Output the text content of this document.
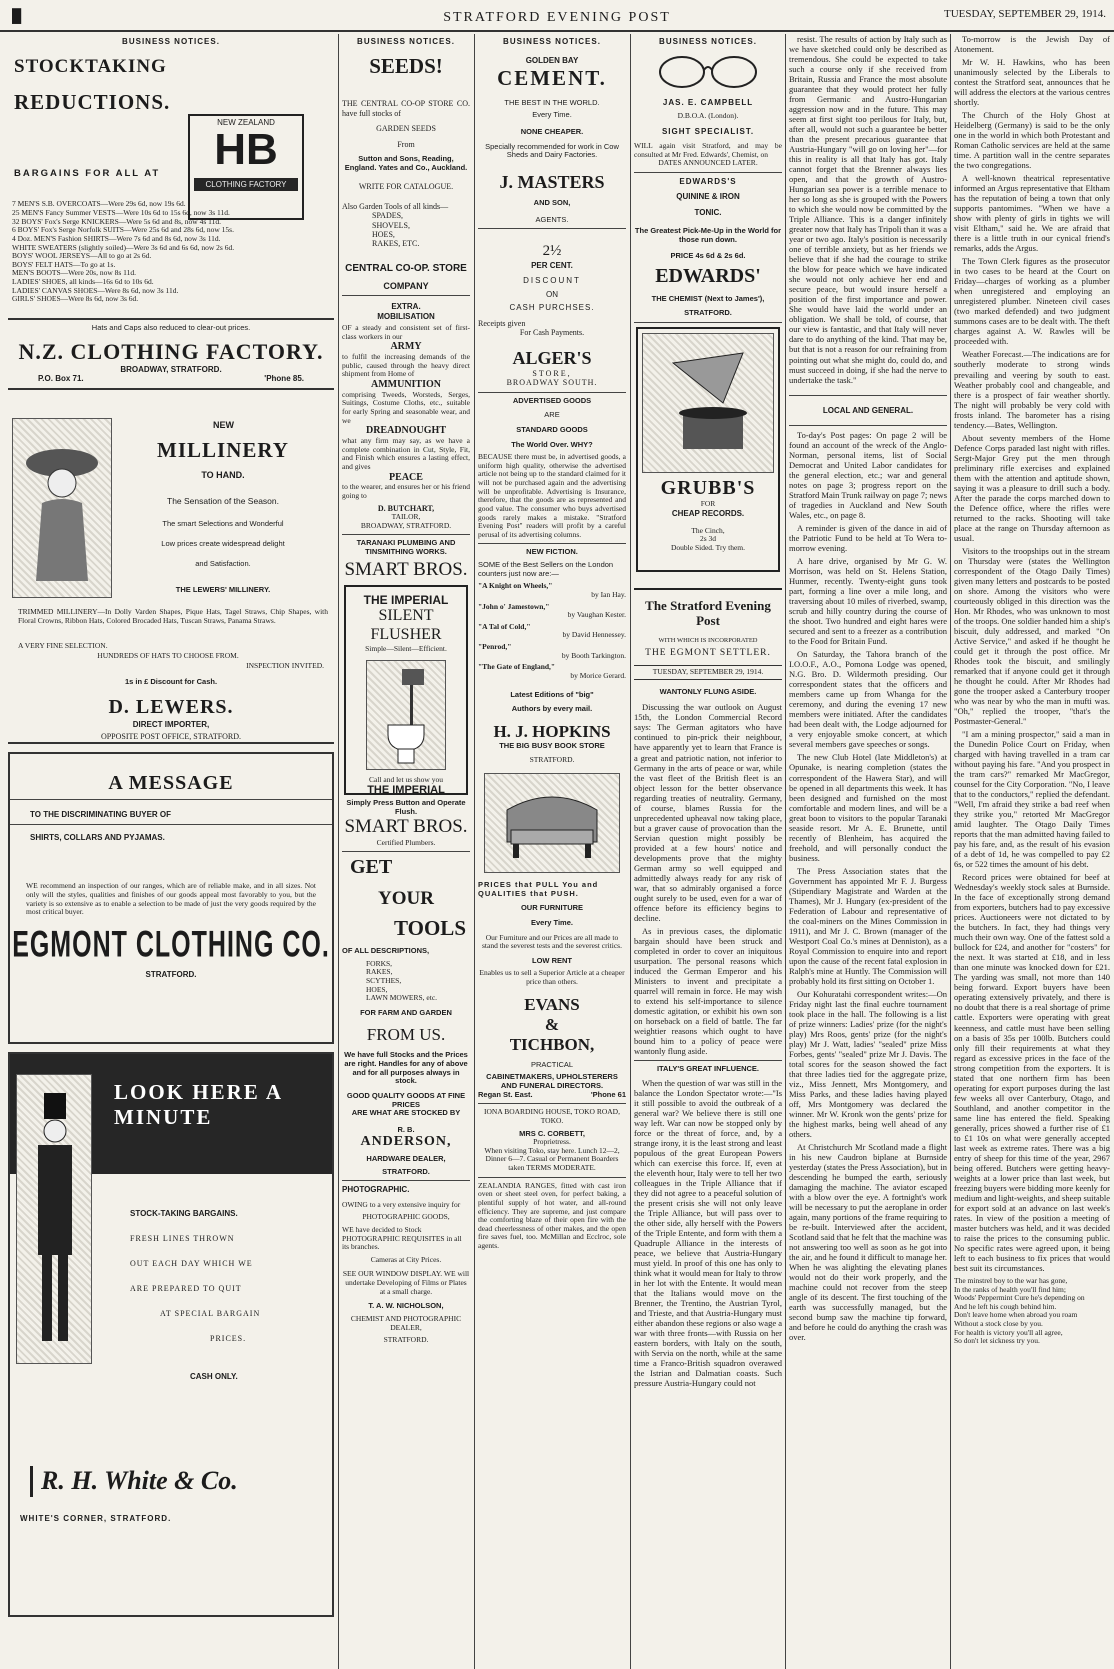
█	STRATFORD EVENING POST	TUESDAY, SEPTEMBER 29, 1914.
BUSINESS NOTICES.
STOCKTAKING
REDUCTIONS.
NEW ZEALAND
HB
CLOTHING FACTORY
BARGAINS FOR ALL AT
7 MEN'S S.B. OVERCOATS—Were 29s 6d, now 19s 6d.
25 MEN'S Fancy Summer VESTS—Were 10s 6d to 15s 6d, now 3s 11d.
32 BOYS' Fox's Serge KNICKERS—Were 5s 6d and 8s, now 4s 11d.
6 BOYS' Fox's Serge Norfolk SUITS—Were 25s 6d and 28s 6d, now 15s.
4 Doz. MEN'S Fashion SHIRTS—Were 7s 6d and 8s 6d, now 3s 11d.
WHITE SWEATERS (slightly soiled)—Were 3s 6d and 6s 6d, now 2s 6d.
BOYS' WOOL JERSEYS—All to go at 2s 6d.
BOYS' FELT HATS—To go at 1s.
MEN'S BOOTS—Were 20s, now 8s 11d.
LADIES' SHOES, all kinds—16s 6d to 10s 6d.
LADIES' CANVAS SHOES—Were 8s 6d, now 3s 11d.
GIRLS' SHOES—Were 8s 6d, now 3s 6d.
Hats and Caps also reduced to clear-out prices.
N.Z. CLOTHING FACTORY.
BROADWAY, STRATFORD.
P.O. Box 71.	'Phone 85.
NEW
MILLINERY
TO HAND.
The Sensation of the Season.
The smart Selections and Wonderful
Low prices create widespread delight
and Satisfaction.
THE LEWERS' MILLINERY.
TRIMMED MILLINERY—In Dolly Varden Shapes, Pique Hats, Tagel Straws, Chip Shapes, with Floral Crowns, Ribbon Hats, Colored Brocaded Hats, Tuscan Straws, Panama Straws.
A VERY FINE SELECTION.
HUNDREDS OF HATS TO CHOOSE FROM.
INSPECTION INVITED.
1s in £ Discount for Cash.
D. LEWERS.
DIRECT IMPORTER,
OPPOSITE POST OFFICE, STRATFORD.
A MESSAGE
TO THE DISCRIMINATING BUYER OF
SHIRTS, COLLARS AND PYJAMAS.
WE recommend an inspection of our ranges, which are of reliable make, and in all sizes. Not only will the styles, qualities and finishes of our goods appeal most favorably to you, but the variety is so extensive as to enable a selection to be made of just the very goods required by the most critical buyer.
EGMONT CLOTHING CO.
STRATFORD.
LOOK HERE A MINUTE
STOCK-TAKING BARGAINS.
FRESH LINES THROWN
OUT EACH DAY WHICH WE
ARE PREPARED TO QUIT
AT SPECIAL BARGAIN
PRICES.
CASH ONLY.
R. H. White & Co.
WHITE'S CORNER, STRATFORD.
BUSINESS NOTICES.
SEEDS!
THE CENTRAL CO-OP STORE CO. have full stocks of
GARDEN SEEDS
From
Sutton and Sons, Reading, England. Yates and Co., Auckland.
WRITE FOR CATALOGUE.
Also Garden Tools of all kinds—
SPADES,
SHOVELS,
HOES,
RAKES, ETC.
CENTRAL CO-OP. STORE
COMPANY
EXTRA.
MOBILISATION
OF a steady and consistent set of first-class workers in our
ARMY
to fulfil the increasing demands of the public, caused through the heavy direct shipment from Home of
AMMUNITION
comprising Tweeds, Worsteds, Serges, Suitings, Costume Cloths, etc., suitable for early Spring and seasonable wear, and we
DREADNOUGHT
what any firm may say, as we have a complete combination in Cut, Style, Fit, and Finish which ensures a lasting effect, and gives
PEACE
to the wearer, and ensures her or his friend going to
D. BUTCHART,
TAILOR,
BROADWAY, STRATFORD.
TARANAKI PLUMBING AND TINSMITHING WORKS.
SMART BROS.
THE IMPERIAL
SILENT FLUSHER
Simple—Silent—Efficient.
Call and let us show you
THE IMPERIAL
Simply Press Button and Operate Flush.
SMART BROS.
Certified Plumbers.
GET
YOUR
TOOLS
OF ALL DESCRIPTIONS,
FORKS,
RAKES,
SCYTHES,
HOES,
LAWN MOWERS, etc.
FOR FARM AND GARDEN
FROM US.
We have full Stocks and the Prices are right. Handles for any of above and for all purposes always in stock.
GOOD QUALITY GOODS AT FINE PRICES
ARE WHAT ARE STOCKED BY
R. B.
ANDERSON,
HARDWARE DEALER,
STRATFORD.
PHOTOGRAPHIC.
OWING to a very extensive inquiry for
PHOTOGRAPHIC GOODS,
WE have decided to Stock PHOTOGRAPHIC REQUISITES in all its branches.
Cameras at City Prices.
SEE OUR WINDOW DISPLAY. WE will undertake Developing of Films or Plates at a small charge.
T. A. W. NICHOLSON,
CHEMIST AND PHOTOGRAPHIC DEALER,
STRATFORD.
BUSINESS NOTICES.
GOLDEN BAY
CEMENT.
THE BEST IN THE WORLD.
Every Time.
NONE CHEAPER.
Specially recommended for work in Cow Sheds and Dairy Factories.
J. MASTERS
AND SON,
AGENTS.
2½
PER CENT.
DISCOUNT
ON
CASH PURCHSES.
Receipts given
For Cash Payments.
ALGER'S
STORE,
BROADWAY SOUTH.
ADVERTISED GOODS
ARE
STANDARD GOODS
The World Over. WHY?
BECAUSE there must be, in advertised goods, a uniform high quality, otherwise the advertised article not being up to the standard claimed for it will not be purchased again and the advertising will be unprofitable. Advertising is Insurance, therefore, that the goods are as represented and good value. The consumer who buys advertised goods rarely makes a mistake. "Stratford Evening Post" readers will profit by a careful perusal of its advertising columns.
NEW FICTION.
SOME of the Best Sellers on the London counters just now are:—
"A Knight on Wheels,"
by Ian Hay.
"John o' Jamestown,"
by Vaughan Kester.
"A Tal of Cold,"
by David Hennessey.
"Penrod,"
by Booth Tarkington.
"The Gate of England,"
by Morice Gerard.
Latest Editions of "big"
Authors by every mail.
H. J. HOPKINS
THE BIG BUSY BOOK STORE
STRATFORD.
PRICES that PULL You and QUALITIES that PUSH.
OUR FURNITURE
Every Time.
Our Furniture and our Prices are all made to stand the severest tests and the severest critics.
LOW RENT
Enables us to sell a Superior Article at a cheaper price than others.
EVANS
&
TICHBON,
PRACTICAL
CABINETMAKERS, UPHOLSTERERS AND FUNERAL DIRECTORS.
Regan St. East.	'Phone 61
IONA BOARDING HOUSE, TOKO ROAD, TOKO.
MRS C. CORBETT,
Proprietress.
When visiting Toko, stay here. Lunch 12—2, Dinner 6—7. Casual or Permanent Boarders taken TERMS MODERATE.
ZEALANDIA RANGES, fitted with cast iron oven or sheet steel oven, for perfect baking, a plentiful supply of hot water, and all-round efficiency. They are supreme, and just compare the comforting blaze of their open fire with the dead cheerlessness of other makes, and the open fire saves fuel, too. McMillan and Ecclroc, sole agents.
BUSINESS NOTICES.
JAS. E. CAMPBELL
D.B.O.A. (London).
SIGHT SPECIALIST.
WILL again visit Stratford, and may be consulted at Mr Fred. Edwards', Chemist, on
DATES ANNOUNCED LATER.
EDWARDS'S
QUININE & IRON
TONIC.
The Greatest Pick-Me-Up in the World for those run down.
PRICE 4s 6d & 2s 6d.
EDWARDS'
THE CHEMIST (Next to James'),
STRATFORD.
GRUBB'S
FOR
CHEAP RECORDS.
The Cinch,
2s 3d
Double Sided. Try them.
The Stratford Evening Post
WITH WHICH IS INCORPORATED
THE EGMONT SETTLER.
TUESDAY, SEPTEMBER 29, 1914.
WANTONLY FLUNG ASIDE.

Discussing the war outlook on August 15th, the London Commercial Record says: The German agitators who have continued to pin-prick their neighbour, have apparently yet to learn that France is a great and patriotic nation, not inferior to Germany in the arts of peace or war, while the vast fleet of the British fleet is an object lesson for the better observance regarding treaties of neutrality. Germany, of course, blames Russia for the unprecedented upheaval now taking place, but a graver cause of provocation than the Servian question might possibly be provided at a few hours' notice and developments prove that the mighty German army so well equipped and admittedly always ready for any risk of war, that so admirably organised a force ought surely to be used, even for a war of offence before its efficiency begins to decline.

As in previous cases, the diplomatic bargain should have been struck and completed in order to cover an iniquitous usurpation. The personal reasons which induced the German Emperor and his Ministers to invent and precipitate a quarrel will remain in force. He may wish to extend his self-importance to silence domestic agitation, or exhibit his own son on horseback on a field of battle. The far weightier reasons which ought to have bound him to a policy of peace were wantonly flung aside.

ITALY'S GREAT INFLUENCE.

When the question of war was still in the balance the London Spectator wrote:—"Is it still possible to avoid the outbreak of a general war? We believe there is still one way left. War can now be stopped only by force or the threat of force, and, by a strange irony, it is the least strong and least populous of the great European Powers which can exercise this force. If, even at the eleventh hour, Italy were to tell her two colleagues in the Triple Alliance that if they did not agree to a peaceful solution of the present crisis she will not only leave the Triple Alliance, but will pass over to the other side, ally herself with the Powers of the Triple Entente, and form with them a Quadruple Alliance in the interests of peace, we believe that Austria-Hungary must yield. In proof of this one has only to think what it would mean for Italy to throw in her lot with the Entente. It would mean that the Italians would move on the Brenner, the Trentino, the Austrian Tyrol, and Trieste, and that Austria-Hungary must either abandon these regions or also wage a war with three fronts—with Russia on her eastern borders, with Italy on the south, with Servia on the north, while at the same time a Franco-British squadron overawed the Istrian and Dalmatian coasts. Such pressure Austria-Hungary could not

resist. The results of action by Italy such as we have sketched could only be described as tremendous. She could be expected to take such a course only if she received from Britain, Russia and France the most absolute guarantee that they would protect her fully from Germanic and Austro-Hungarian aggression now and in the future. This may seem at first sight too perilous for Italy, but, after all, would not such a guarantee be better than the present precarious guarantee that Austria-Hungary "will go on loving her"—for this in reality is all that Italy has got. Italy cannot forget that the Brenner always lies open, and that the growth of Austro-Hungarian sea power is a terrible menace to her so long as she is grouped with the Powers to which she would now be committed by the Triple Alliance. This is a danger infinitely greater now that Italy has Tripoli than it was a year or two ago. Italy's position is necessarily one of terrible anxiety, but as her friends we believe that if she had the courage to strike the blow for peace which we have indicated she would not only achieve her end and secure peace, but would insure herself a position of the first importance and power. She would have laid the world under an obligation. We shall be told, of course, that our view is fantastic, and that Italy will never dare to do anything of the kind. That may be, but that is not a reason for our refraining from pointing out what she might do, could do, and must succeed in doing, if she had the nerve to undertake the task."

LOCAL AND GENERAL.

To-day's Post pages: On page 2 will be found an account of the wreck of the Anglo-Norman, personal items, list of Social Democrat and United Labor candidates for the general election, etc.; war and general notes on page 3; progress report on the Stratford Main Trunk railway on page 7; news of tragedies in Auckland and New South Wales, etc., on page 8.

A reminder is given of the dance in aid of the Patriotic Fund to be held at To Wera to-morrow evening.

A hare drive, organised by Mr G. W. Morrison, was held on St. Helens Station, Hunmer, recently. Twenty-eight guns took part, forming a line over a mile long, and traversing about 10 miles of riverbed, swamp, scrub and hilly country during the course of the shoot. Two hundred and eight hares were secured and sent to a freezer as a contribution to the Food for Britain Fund.

On Saturday, the Tahora branch of the I.O.O.F., A.O., Pomona Lodge was opened, N.G. Bro. D. Wildermoth presiding. Our correspondent states that the officers and members came up from Whanga for the ceremony, and during the evening 17 new members were initiated. After the candidates had been dealt with, the Lodge adjourned for a very enjoyable smoke concert, at which several members gave speeches or songs.

The new Club Hotel (late Middleton's) at Opunake, is nearing completion (states the correspondent of the Hawera Star), and will be opened in all departments this week. It has been designed and furnished on the most comfortable and modern lines, and will be a great boon to visitors to the popular Taranaki seaside resort. Mr A. E. Brunette, until recently of Blenheim, has acquired the freehold, and will personally conduct the business.

The Press Association states that the Government has appointed Mr F. J. Burgess (Stipendiary Magistrate and Warden at the Thames), Mr J. Hungary (ex-president of the Federation of Labour and representative of the coal-miners on the Mines Commission in 1911), and Mr J. C. Brown (manager of the Westport Coal Co.'s mines at Denniston), as a Royal Commission to enquire into and report upon the cause of the recent fatal explosion in Ralph's mine at Huntly. The Commission will probably hold its first sitting on October 1.

Our Kohuratahi correspondent writes:—On Friday night last the final euchre tournament took place in the hall. The following is a list of prize winners: Ladies' prize (for the night's play) Mrs Roos, gents' prize (for the night's play) Mr J. Watt, ladies' "sealed" prize Miss Forbes, gents' "sealed" prize Mr J. Davis. The total scores for the season showed the fact that three ladies tied for the aggregate prize, viz., Miss Jennett, Mrs Montgomery, and Miss Parks, and these ladies having played off, Mrs Montgomery was declared the winner. Mr W. Kronk won the gents' prize for the highest marks, being well ahead of any others.

At Christchurch Mr Scotland made a flight in his new Caudron biplane at Burnside yesterday (states the Press Association), but in descending he bumped the earth, seriously damaging the machine. The aviator escaped with a blow over the eye. A fortnight's work will be necessary to put the aeroplane in order again, many portions of the frame requiring to be re-built. Interviewed after the accident, Scotland said that he felt that the machine was not answering too well as soon as he got into the air, and he found it difficult to manage her. When he was alighting the elevating planes would not do their work properly, and the machine could not recover from the steep angle of its descent. The first touching of the earth was successfully managed, but the second bump saw the machine tip forward, and before he could do anything the crash was over.

To-morrow is the Jewish Day of Atonement.

Mr W. H. Hawkins, who has been unanimously selected by the Liberals to contest the Stratford seat, announces that he will address the electors at the various centres shortly.

The Church of the Holy Ghost at Heidelberg (Germany) is said to be the only one in the world in which both Protestant and Roman Catholic services are held at the same time. A partition wall in the centre separates the two congregations.

A well-known theatrical representative informed an Argus representative that Eltham has the reputation of being a town that only supports pantomimes. "When we have a show with plenty of girls in tights we will visit Eltham," said he. We are afraid that there is a little truth in our cynical friend's remarks, adds the Argus.

The Town Clerk figures as the prosecutor in two cases to be heard at the Court on Friday—charges of working as a plumber when unregistered and employing an unregistered plumber. Nineteen civil cases (two marked defended) and two judgment summons cases are to be dealt with. The theft charges against A. W. Rawles will be proceeded with.

Weather Forecast.—The indications are for southerly moderate to strong winds prevailing and veering by south to east. Weather probably cool and changeable, and there is a prospect of fair weather shortly. The night will probably be very cold with frosts inland. The barometer has a rising tendency.—Bates, Wellington.

About seventy members of the Home Defence Corps paraded last night with rifles. Sergt-Major Grey put the men through preliminary rifle exercises and explained them with the attention and aptitude shown, saying it was a pleasure to drill such a body. After the parade the corps marched down to the Defence office, where the rifles were returned to the racks. Shooting will take place at the range on Thursday afternoon as usual.

Visitors to the troopships out in the stream on Thursday were (states the Wellington correspondent of the Otago Daily Times) given many letters and postcards to be posted on shore. Among the visitors who were courteously obliged in this direction was the Hon. Mr Rhodes, who was unknown to most of the troops. One soldier handed him a ship's biscuit, duly addressed, and marked "On Active Service," and asked if he thought he could get it through the post office. Mr Rhodes took the biscuit, and smilingly remarked that if anyone could get it through he thought he could. After Mr Rhodes had gone the trooper asked a Canterbury trooper who was near by who the man in mufti was. "Oh," replied the trooper, "that's the Postmaster-General."

"I am a mining prospector," said a man in the Dunedin Police Court on Friday, when charged with having travelled in a tram car without paying his fare. "And you prospect in the tram cars?" remarked Mr MacGregor, counsel for the City Corporation. "No, I leave that to the conductors," replied the defendant. "Well, I'm afraid they strike a bad reef when they strike you," retorted Mr MacGregor amid laughter. The Otago Daily Times reports that the man admitted having failed to pay his fare, and, as the result of his evasion of a debt of 1d, he was compelled to pay £2 6s, or 522 times the amount of his debt.

Record prices were obtained for beef at Wednesday's weekly stock sales at Burnside. In the face of exceptionally strong demand from exporters, butchers had to pay excessive prices. Auctioneers were not dictated to by the butchers. In fact, they had things very much their own way. One of the fattest sold a bullock for £24, and another for "costers" for the next. It was started at £18, and in less than one minute was knocked down for £21. The yarding was small, not more than 140 being forward. Export buyers have been operating extensively privately, and there is no doubt that there is a real shortage of prime cattle. Exporters were operating with great keenness, and cattle must have been selling on a basis of 35s per 100lb. Butchers could only fill their requirements at what they regard as excessive prices in the face of the strong competition from the exporters. It is stated that one northern firm has been operating for export purposes during the last few weeks all over Canterbury, Otago, and Southland, and another competitor in the same line has entered the field. Speaking generally, prices showed a further rise of £1 to £1 10s on what were generally accepted last week as extreme rates. There was a big entry of sheep for this time of the year, 2967 being offered. Butchers were getting heavy-weights at a lower price than last week, but freezing buyers were bidding more keenly for medium and light-weights, and sheep suitable for export sold at an advance on last week's rates. In view of the position a meeting of master butchers was held, and it was decided to raise the prices to the consuming public. No specific rates were agreed upon, it being left to each business to fix prices that would best suit its circumstances.

The minstrel boy to the war has gone,
In the ranks of health you'll find him;
Woods' Peppermint Cure he's depending on
And he left his cough behind him.
Don't leave home when abroad you roam
Without a stock close by you.
For health is victory you'll all agree,
So don't let sickness try you.
